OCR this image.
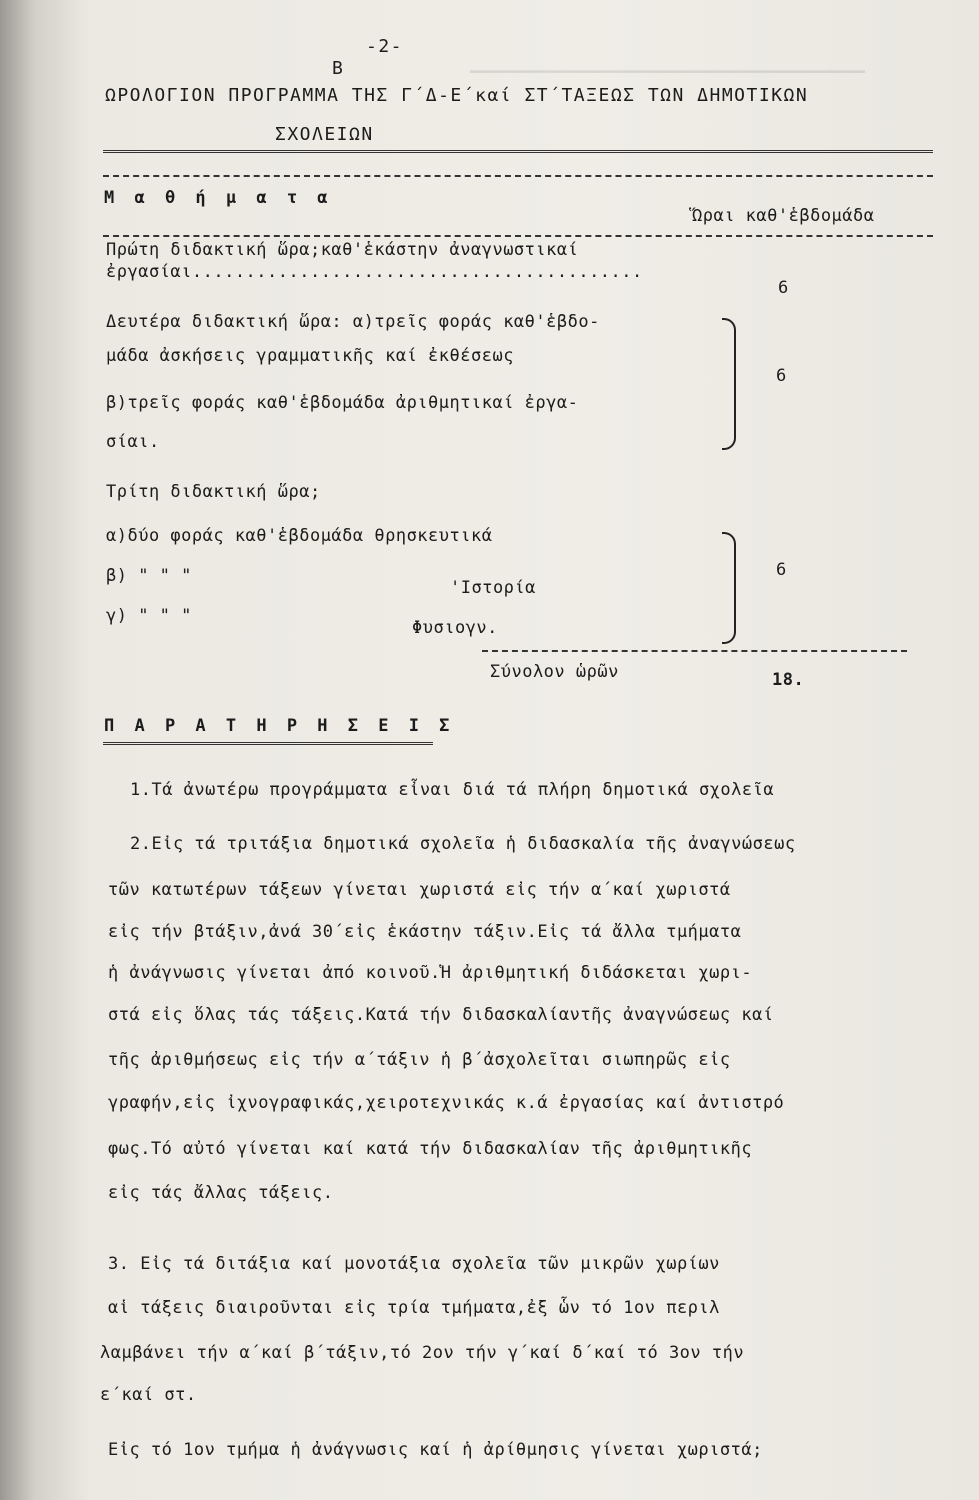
━━━━━━━━━━━━━━━━━━━━━━━━━━━━━━━━━━━━━━━
-2-
B
ΩΡΟΛΟΓΙΟΝ ΠΡΟΓΡΑΜΜΑ ΤΗΣ Γ΄Δ-Ε΄καί ΣΤ΄ΤΑΞΕΩΣ ΤΩΝ ΔΗΜΟΤΙΚΩΝ
ΣΧΟΛΕΙΩΝ
Μ α θ ή μ α τ α
Ὥραι καθ'ἑβδομάδα
Πρώτη διδακτική ὥρα;καθ'ἑκάστην ἀναγνωστικαί
ἐργασίαι..........................................
6
Δευτέρα διδακτική ὥρα: α)τρεῖς φοράς καθ'ἑβδο-
μάδα ἀσκήσεις γραμματικῆς καί ἐκθέσεως
β)τρεῖς φοράς καθ'ἑβδομάδα ἀριθμητικαί ἐργα-
σίαι.
6
Τρίτη διδακτική ὥρα;
α)δύο φοράς καθ'ἑβδομάδα θρησκευτικά
β) " " "
'Ιστορία
γ) " " "
Φυσιογν.
6
Σύνολον ὡρῶν	18.
Π Α Ρ Α Τ Η Ρ Η Σ Ε Ι Σ
1.Τά ἀνωτέρω προγράμματα εἶναι διά τά πλήρη δημοτικά σχολεῖα
2.Εἰς τά τριτάξια δημοτικά σχολεῖα ἡ διδασκαλία τῆς ἀναγνώσεως
τῶν κατωτέρων τάξεων γίνεται χωριστά εἰς τήν α΄καί χωριστά
εἰς τήν βτάξιν,ἀνά 30΄εἰς ἑκάστην τάξιν.Εἰς τά ἄλλα τμήματα
ἡ ἀνάγνωσις γίνεται ἀπό κοινοῦ.Ἡ ἀριθμητική διδάσκεται χωρι-
στά εἰς ὅλας τάς τάξεις.Κατά τήν διδασκαλίαντῆς ἀναγνώσεως καί
τῆς ἀριθμήσεως εἰς τήν α΄τάξιν ἡ β΄ἀσχολεῖται σιωπηρῶς εἰς
γραφήν,εἰς ἰχνογραφικάς,χειροτεχνικάς κ.ά ἐργασίας καί ἀντιστρό
φως.Τό αὐτό γίνεται καί κατά τήν διδασκαλίαν τῆς ἀριθμητικῆς
εἰς τάς ἄλλας τάξεις.
3. Εἰς τά διτάξια καί μονοτάξια σχολεῖα τῶν μικρῶν χωρίων
αἱ τάξεις διαιροῦνται εἰς τρία τμήματα,ἐξ ὧν τό 1ον περιλ
λαμβάνει τήν α΄καί β΄τάξιν,τό 2ον τήν γ΄καί δ΄καί τό 3ον τήν
ε΄καί στ.
Εἰς τό 1ον τμήμα ἡ ἀνάγνωσις καί ἡ ἀρίθμησις γίνεται χωριστά;
